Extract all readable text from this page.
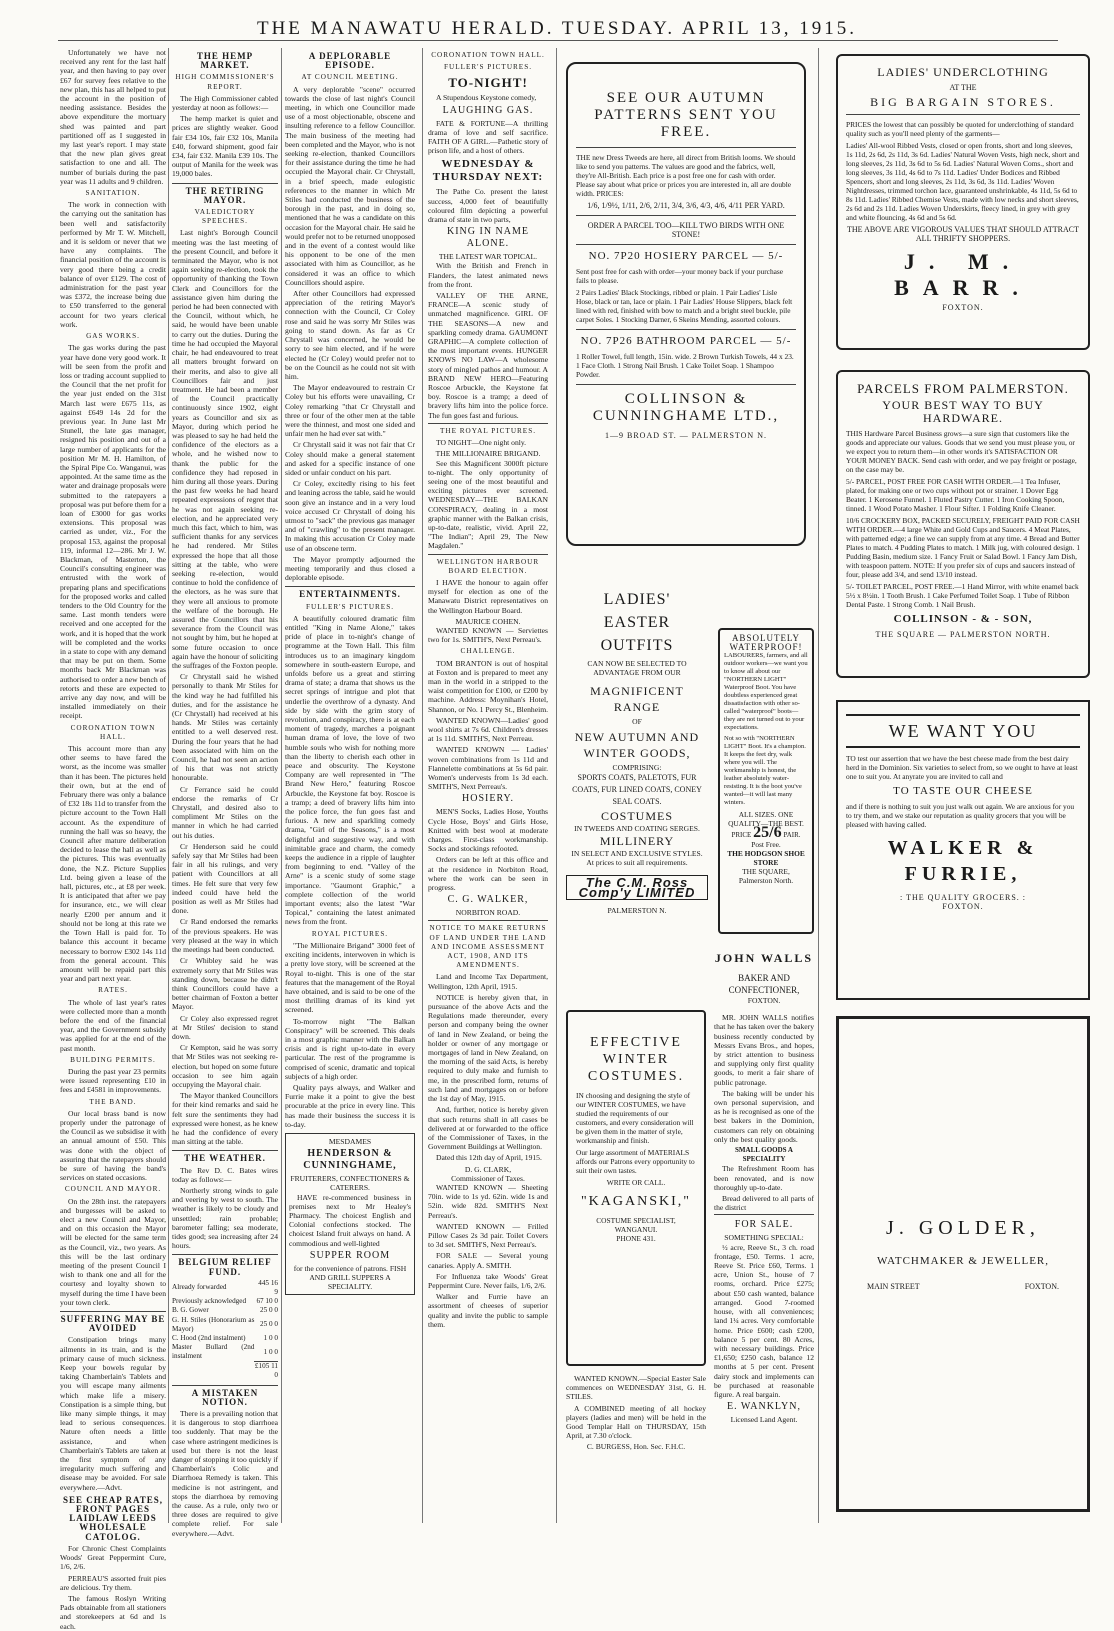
THE MANAWATU HERALD. TUESDAY. APRIL 13, 1915.

Unfortunately we have not received any rent for the last half year, and then having to pay over £67 for survey fees relative to the new plan, this has all helped to put the account in the position of needing assistance. Besides the above expenditure the mortuary shed was painted and part partitioned off as I suggested in my last year's report. I may state that the new plan gives great satisfaction to one and all. The number of burials during the past year was 11 adults and 9 children.

SANITATION.

The work in connection with the carrying out the sanitation has been well and satisfactorily performed by Mr T. W. Mitchell, and it is seldom or never that we have any complaints. The financial position of the account is very good there being a credit balance of over £129. The cost of administration for the past year was £372, the increase being due to £50 transferred to the general account for two years clerical work.

GAS WORKS.

The gas works during the past year have done very good work. It will be seen from the profit and loss or trading account supplied to the Council that the net profit for the year just ended on the 31st March last were £675 11s, as against £649 14s 2d for the previous year. In June last Mr Stunell, the late gas manager, resigned his position and out of a large number of applicants for the position Mr M. H. Hamilton, of the Spiral Pipe Co. Wanganui, was appointed. At the same time as the water and drainage proposals were submitted to the ratepayers a proposal was put before them for a loan of £3000 for gas works extensions. This proposal was carried as under, viz., For the proposal 153, against the proposal 119, informal 12—286. Mr J. W. Blackman, of Masterton, the Council's consulting engineer was entrusted with the work of preparing plans and specifications for the proposed works and called tenders to the Old Country for the same. Last month tenders were received and one accepted for the work, and it is hoped that the work will be completed and the works in a state to cope with any demand that may be put on them. Some months back Mr Blackman was authorised to order a new bench of retorts and these are expected to arrive any day now, and will be installed immediately on their receipt.

CORONATION TOWN HALL.

This account more than any other seems to have fared the worst, as the income was smaller than it has been. The pictures held their own, but at the end of February there was only a balance of £32 18s 11d to transfer from the picture account to the Town Hall account. As the expenditure of running the hall was so heavy, the Council after mature deliberation decided to lease the hall as well as the pictures. This was eventually done, the N.Z. Picture Supplies Ltd. being given a lease of the hall, pictures, etc., at £8 per week. It is anticipated that after we pay for insurance, etc., we will clear nearly £200 per annum and it should not be long at this rate we the Town Hall is paid for. To balance this account it became necessary to borrow £302 14s 11d from the general account. This amount will be repaid part this year and part next year.

RATES.

The whole of last year's rates were collected more than a month before the end of the financial year, and the Government subsidy was applied for at the end of the past month.

BUILDING PERMITS.

During the past year 23 permits were issued representing £10 in fees and £4581 in improvements.

THE BAND.

Our local brass band is now properly under the patronage of the Council as we subsidise it with an annual amount of £50. This was done with the object of assuring that the ratepayers should be sure of having the band's services on stated occasions.

COUNCIL AND MAYOR.

On the 28th inst. the ratepayers and burgesses will be asked to elect a new Council and Mayor, and on this occasion the Mayor will be elected for the same term as the Council, viz., two years. As this will be the last ordinary meeting of the present Council I wish to thank one and all for the courtesy and loyalty shown to myself during the time I have been your town clerk.

SUFFERING MAY BE AVOIDED

Constipation brings many ailments in its train, and is the primary cause of much sickness. Keep your bowels regular by taking Chamberlain's Tablets and you will escape many ailments which make life a misery. Constipation is a simple thing, but like many simple things, it may lead to serious consequences. Nature often needs a little assistance, and when Chamberlain's Tablets are taken at the first symptom of any irregularity much suffering and disease may be avoided. For sale everywhere.—Advt.

SEE CHEAP RATES, FRONT PAGES LAIDLAW LEEDS WHOLESALE CATOLOG.

For Chronic Chest Complaints Woods' Great Peppermint Cure, 1/6, 2/6.

PERREAU'S assorted fruit pies are delicious. Try them.

The famous Roslyn Writing Pads obtainable from all stationers and storekeepers at 6d and 1s each.

THE HEMP MARKET.
HIGH COMMISSIONER'S REPORT.

The High Commissioner cabled yesterday at noon as follows:—

The hemp market is quiet and prices are slightly weaker. Good fair £34 10s, fair £32 10s, Manila £40, forward shipment, good fair £34, fair £32. Manila £39 10s. The output of Manila for the week was 19,000 bales.

THE RETIRING MAYOR.
VALEDICTORY SPEECHES.

Last night's Borough Council meeting was the last meeting of the present Council, and before it terminated the Mayor, who is not again seeking re-election, took the opportunity of thanking the Town Clerk and Councillors for the assistance given him during the period he had been connected with the Council, without which, he said, he would have been unable to carry out the duties. During the time he had occupied the Mayoral chair, he had endeavoured to treat all matters brought forward on their merits, and also to give all Councillors fair and just treatment. He had been a member of the Council practically continuously since 1902, eight years as Councillor and six as Mayor, during which period he was pleased to say he had held the confidence of the electors as a whole, and he wished now to thank the public for the confidence they had reposed in him during all those years. During the past few weeks he had heard repeated expressions of regret that he was not again seeking re-election, and he appreciated very much this fact, which to him, was sufficient thanks for any services he had rendered. Mr Stiles expressed the hope that all those sitting at the table, who were seeking re-election, would continue to hold the confidence of the electors, as he was sure that they were all anxious to promote the welfare of the borough. He assured the Councillors that his severance from the Council was not sought by him, but he hoped at some future occasion to once again have the honour of soliciting the suffrages of the Foxton people.

Cr Chrystall said he wished personally to thank Mr Stiles for the kind way he had fulfilled his duties, and for the assistance he (Cr Chrystall) had received at his hands. Mr Stiles was certainly entitled to a well deserved rest. During the four years that he had been associated with him on the Council, he had not seen an action of his that was not strictly honourable.

Cr Ferrance said he could endorse the remarks of Cr Chrystall, and desired also to compliment Mr Stiles on the manner in which he had carried out his duties.

Cr Henderson said he could safely say that Mr Stiles had been fair in all his rulings, and very patient with Councillors at all times. He felt sure that very few indeed could have held the position as well as Mr Stiles had done.

Cr Rand endorsed the remarks of the previous speakers. He was very pleased at the way in which the meetings had been conducted.

Cr Whibley said he was extremely sorry that Mr Stiles was standing down, because he didn't think Councillors could have a better chairman of Foxton a better Mayor.

Cr Coley also expressed regret at Mr Stiles' decision to stand down.

Cr Kempton, said he was sorry that Mr Stiles was not seeking re-election, but hoped on some future occasion to see him again occupying the Mayoral chair.

The Mayor thanked Councillors for their kind remarks and said he felt sure the sentiments they had expressed were honest, as he knew he had the confidence of every man sitting at the table.

THE WEATHER.

The Rev D. C. Bates wires today as follows:—

Northerly strong winds to gale and veering by west to south. The weather is likely to be cloudy and unsettled; rain probable; barometer falling; sea moderate, tides good; sea increasing after 24 hours.

BELGIUM RELIEF FUND.
Already forwarded	445 16 9
Previously acknowledged	67 10 0
B. G. Gower	25 0 0
G. H. Stiles (Honorarium as Mayor)	25 0 0
C. Hood (2nd instalment)	1 0 0
Master Bullard (2nd instalment	1 0 0
	£105 11 0
A MISTAKEN NOTION.

There is a prevailing notion that it is dangerous to stop diarrhoea too suddenly. That may be the case where astringent medicines is used but there is not the least danger of stopping it too quickly if Chamberlain's Colic and Diarrhoea Remedy is taken. This medicine is not astringent, and stops the diarrhoea by removing the cause. As a rule, only two or three doses are required to give complete relief. For sale everywhere.—Advt.

A DEPLORABLE EPISODE.
AT COUNCIL MEETING.

A very deplorable "scene" occurred towards the close of last night's Council meeting, in which one Councillor made use of a most objectionable, obscene and insulting reference to a fellow Councillor. The main business of the meeting had been completed and the Mayor, who is not seeking re-election, thanked Councillors for their assistance during the time he had occupied the Mayoral chair. Cr Chrystall, in a brief speech, made eulogistic references to the manner in which Mr Stiles had conducted the business of the borough in the past, and in doing so, mentioned that he was a candidate on this occasion for the Mayoral chair. He said he would prefer not to be returned unopposed and in the event of a contest would like his opponent to be one of the men associated with him as Councillor, as he considered it was an office to which Councillors should aspire.

After other Councillors had expressed appreciation of the retiring Mayor's connection with the Council, Cr Coley rose and said he was sorry Mr Stiles was going to stand down. As far as Cr Chrystall was concerned, he would be sorry to see him elected, and if he were elected he (Cr Coley) would prefer not to be on the Council as he could not sit with him.

The Mayor endeavoured to restrain Cr Coley but his efforts were unavailing, Cr Coley remarking "that Cr Chrystall and three or four of the other men at the table were the thinnest, and most one sided and unfair men he had ever sat with."

Cr Chrystall said it was not fair that Cr Coley should make a general statement and asked for a specific instance of one sided or unfair conduct on his part.

Cr Coley, excitedly rising to his feet and leaning across the table, said he would soon give an instance and in a very loud voice accused Cr Chrystall of doing his utmost to "sack" the previous gas manager and of "crawling" to the present manager. In making this accusation Cr Coley made use of an obscene term.

The Mayor promptly adjourned the meeting temporarily and thus closed a deplorable episode.

ENTERTAINMENTS.
FULLER'S PICTURES.

A beautifully coloured dramatic film entitled "King in Name Alone," takes pride of place in to-night's change of programme at the Town Hall. This film introduces us to an imaginary kingdom somewhere in south-eastern Europe, and unfolds before us a great and stirring drama of state; a drama that shows us the secret springs of intrigue and plot that underlie the overthrow of a dynasty. And side by side with the grim story of revolution, and conspiracy, there is at each moment of tragedy, marches a poignant human drama of love, the love of two humble souls who wish for nothing more than the liberty to cherish each other in peace and obscurity. The Keystone Company are well represented in "The Brand New Hero," featuring Roscoe Arbuckle, the Keystone fat boy. Roscoe is a tramp; a deed of bravery lifts him into the police force, the fun goes fast and furious. A new and sparkling comedy drama, "Girl of the Seasons," is a most delightful and suggestive way, and with inimitable grace and charm, the comedy keeps the audience in a ripple of laughter from beginning to end. "Valley of the Arne" is a scenic study of some stage importance. "Gaumont Graphic," a complete collection of the world important events; also the latest "War Topical," containing the latest animated news from the front.

ROYAL PICTURES.

"The Millionaire Brigand" 3000 feet of exciting incidents, interwoven in which is a pretty love story, will be screened at the Royal to-night. This is one of the star features that the management of the Royal have obtained, and is said to be one of the most thrilling dramas of its kind yet screened.

To-morrow night "The Balkan Conspiracy" will be screened. This deals in a most graphic manner with the Balkan crisis and is right up-to-date in every particular. The rest of the programme is comprised of scenic, dramatic and topical subjects of a high order.

Quality pays always, and Walker and Furrie make it a point to give the best procurable at the price in every line. This has made their business the success it is to-day.

MESDAMES
HENDERSON & CUNNINGHAME,
FRUITERERS, CONFECTIONERS & CATERERS.

HAVE re-commenced business in premises next to Mr Healey's Pharmacy. The choicest English and Colonial confections stocked. The choicest Island fruit always on hand. A commodious and well-lighted

SUPPER ROOM
for the convenience of patrons. FISH AND GRILL SUPPERS A SPECIALITY.
CORONATION TOWN HALL.
FULLER'S PICTURES.
TO-NIGHT!

A Stupendous Keystone comedy,

LAUGHING GAS.

FATE & FORTUNE—A thrilling drama of love and self sacrifice. FAITH OF A GIRL.—Pathetic story of prison life, and a host of others.

WEDNESDAY & THURSDAY NEXT:

The Pathe Co. present the latest success, 4,000 feet of beautifully coloured film depicting a powerful drama of state in two parts,

KING IN NAME ALONE.
THE LATEST WAR TOPICAL.

With the British and French in Flanders, the latest animated news from the front.

VALLEY OF THE ARNE, FRANCE—A scenic study of unmatched magnificence. GIRL OF THE SEASONS—A new and sparkling comedy drama. GAUMONT GRAPHIC—A complete collection of the most important events. HUNGER KNOWS NO LAW—A wholesome story of mingled pathos and humour. A BRAND NEW HERO—Featuring Roscoe Arbuckle, the Keystone fat boy. Roscoe is a tramp; a deed of bravery lifts him into the police force. The fun goes fast and furious.

THE ROYAL PICTURES.

TO NIGHT—One night only.

THE MILLIONAIRE BRIGAND.

See this Magnificent 3000ft picture to-night. The only opportunity of seeing one of the most beautiful and exciting pictures ever screened. WEDNESDAY—THE BALKAN CONSPIRACY, dealing in a most graphic manner with the Balkan crisis, up-to-date, realistic, vivid. April 22, "The Indian"; April 29, The New Magdalen."

WELLINGTON HARBOUR BOARD ELECTION.

I HAVE the honour to again offer myself for election as one of the Manawatu District representatives on the Wellington Harbour Board.

MAURICE COHEN.

WANTED KNOWN — Serviettes two for 1s. SMITH'S, Next Perreau's.

CHALLENGE.

TOM BRANTON is out of hospital at Foxton and is prepared to meet any man in the world in a stripped to the waist competition for £100, or £200 by machine. Address: Moynihan's Hotel, Shannon, or No. 1 Percy St., Blenheim.

WANTED KNOWN—Ladies' good wool shirts at 7s 6d. Children's dresses at 1s 11d. SMITH'S, Next Perreau.

WANTED KNOWN — Ladies' woven combinations from 1s 11d and Flannelette combinations at 5s 6d pair. Women's undervests from 1s 3d each. SMITH'S, Next Perreau's.

HOSIERY.

MEN'S Socks, Ladies Hose, Youths Cycle Hose, Boys' and Girls Hose, Knitted with best wool at moderate charges. First-class workmanship. Socks and stockings refooted.

Orders can be left at this office and at the residence in Norbiton Road, where the work can be seen in progress.

C. G. WALKER,
NORBITON ROAD.
NOTICE TO MAKE RETURNS OF LAND UNDER THE LAND AND INCOME ASSESSMENT ACT, 1908, AND ITS AMENDMENTS.

Land and Income Tax Department, Wellington, 12th April, 1915.

NOTICE is hereby given that, in pursuance of the above Acts and the Regulations made thereunder, every person and company being the owner of land in New Zealand, or being the holder or owner of any mortgage or mortgages of land in New Zealand, on the morning of the said Acts, is hereby required to duly make and furnish to me, in the prescribed form, returns of such land and mortgages on or before the 1st day of May, 1915.

And, further, notice is hereby given that such returns shall in all cases be delivered at or forwarded to the office of the Commissioner of Taxes, in the Government Buildings at Wellington.

Dated this 12th day of April, 1915.

D. G. CLARK,
Commissioner of Taxes.

WANTED KNOWN — Sheeting 70in. wide to 1s yd. 62in. wide 1s and 52in. wide 82d. SMITH'S Next Perreau's.

WANTED KNOWN — Frilled Pillow Cases 2s 3d pair. Toilet Covers to 3d set. SMITH'S, Next Perreau's.

FOR SALE — Several young canaries. Apply A. SMITH.

For Influenza take Woods' Great Peppermint Cure. Never fails, 1/6, 2/6.

Walker and Furrie have an assortment of cheeses of superior quality and invite the public to sample them.

SEE OUR AUTUMN PATTERNS SENT YOU FREE.

THE new Dress Tweeds are here, all direct from British looms. We should like to send you patterns. The values are good and the fabrics, well, they're All-British. Each price is a post free one for cash with order. Please say about what price or prices you are interested in, all are double width. PRICES:

1/6, 1/9½, 1/11, 2/6, 2/11, 3/4, 3/6, 4/3, 4/6, 4/11 PER YARD.
ORDER A PARCEL TOO—KILL TWO BIRDS WITH ONE STONE!
NO. 7P20 HOSIERY PARCEL — 5/-

Sent post free for cash with order—your money back if your purchase fails to please.

2 Pairs Ladies' Black Stockings, ribbed or plain. 1 Pair Ladies' Lisle Hose, black or tan, lace or plain. 1 Pair Ladies' House Slippers, black felt lined with red, finished with bow to match and a bright steel buckle, pile carpet Soles. 1 Stocking Darner, 6 Skeins Mending, assorted colours.

NO. 7P26 BATHROOM PARCEL — 5/-

1 Roller Towel, full length, 15in. wide. 2 Brown Turkish Towels, 44 x 23. 1 Face Cloth. 1 Strong Nail Brush. 1 Cake Toilet Soap. 1 Shampoo Powder.

COLLINSON & CUNNINGHAME LTD.,
1—9 BROAD ST. — PALMERSTON N.
LADIES'
EASTER
OUTFITS
CAN NOW BE SELECTED TO ADVANTAGE FROM OUR
MAGNIFICENT RANGE
OF
NEW AUTUMN AND WINTER GOODS,
COMPRISING:
SPORTS COATS, PALETOTS, FUR COATS, FUR LINED COATS, CONEY SEAL COATS.
COSTUMES
IN TWEEDS AND COATING SERGES.
MILLINERY
IN SELECT AND EXCLUSIVE STYLES.
At prices to suit all requirements.
The C.M. Ross Comp'y LIMITED
PALMERSTON N.
EFFECTIVE WINTER COSTUMES.

IN choosing and designing the style of our WINTER COSTUMES, we have studied the requirements of our customers, and every consideration will be given them in the matter of style, workmanship and finish.

Our large assortment of MATERIALS affords our Patrons every opportunity to suit their own tastes.

WRITE OR CALL.
"KAGANSKI,"
COSTUME SPECIALIST, WANGANUI.
PHONE 431.

WANTED KNOWN.—Special Easter Sale commences on WEDNESDAY 31st, G. H. STILES.

A COMBINED meeting of all hockey players (ladies and men) will be held in the Good Templar Hall on THURSDAY, 15th April, at 7.30 o'clock.

C. BURGESS, Hon. Sec. F.H.C.
ABSOLUTELY
WATERPROOF!

LABOURERS, farmers, and all outdoor workers—we want you to know all about our "NORTHERN LIGHT" Waterproof Boot. You have doubtless experienced great dissatisfaction with other so-called "waterproof" boots—they are not turned out to your expectations.

Not so with "NORTHERN LIGHT" Boot. It's a champion. It keeps the feet dry, walk where you will. The workmanship is honest, the leather absolutely water-resisting. It is the boot you've wanted—it will last many winters.

ALL SIZES. ONE QUALITY—THE BEST.
PRICE 25/6 PAIR.
Post Free.
THE HODGSON SHOE STORE
THE SQUARE,
Palmerston North.
JOHN WALLS
BAKER AND CONFECTIONER,
FOXTON.

MR. JOHN WALLS notifies that he has taken over the bakery business recently conducted by Messrs Evans Bros., and hopes, by strict attention to business and supplying only first quality goods, to merit a fair share of public patronage.

The baking will be under his own personal supervision, and as he is recognised as one of the best bakers in the Dominion, customers can rely on obtaining only the best quality goods.

SMALL GOODS A SPECIALITY

The Refreshment Room has been renovated, and is now thoroughly up-to-date.

Bread delivered to all parts of the district

FOR SALE.
SOMETHING SPECIAL:

½ acre, Reeve St., 3 ch. road frontage, £50. Terms. 1 acre, Reeve St. Price £60, Terms. 1 acre, Union St., house of 7 rooms, orchard. Price £275; about £50 cash wanted, balance arranged. Good 7-roomed house, with all conveniences; land 1¼ acres. Very comfortable home. Price £600; cash £200, balance 5 per cent. 80 Acres, with necessary buildings. Price £1,650; £250 cash, balance 12 months at 5 per cent. Present dairy stock and implements can be purchased at reasonable figure. A real bargain.

E. WANKLYN,
Licensed Land Agent.
LADIES' UNDERCLOTHING
AT THE
BIG BARGAIN STORES.

PRICES the lowest that can possibly be quoted for underclothing of standard quality such as you'll need plenty of the garments—

Ladies' All-wool Ribbed Vests, closed or open fronts, short and long sleeves, 1s 11d, 2s 6d, 2s 11d, 3s 6d. Ladies' Natural Woven Vests, high neck, short and long sleeves, 2s 11d, 3s 6d to 5s 6d. Ladies' Natural Woven Coms., short and long sleeves, 3s 11d, 4s 6d to 7s 11d. Ladies' Under Bodices and Ribbed Spencers, short and long sleeves, 2s 11d, 3s 6d, 3s 11d. Ladies' Woven Nightdresses, trimmed torchon lace, guaranteed unshrinkable, 4s 11d, 5s 6d to 8s 11d. Ladies' Ribbed Chemise Vests, made with low necks and short sleeves, 2s 6d and 2s 11d. Ladies Woven Underskirts, fleecy lined, in grey with grey and white flouncing, 4s 6d and 5s 6d.

THE ABOVE ARE VIGOROUS VALUES THAT SHOULD ATTRACT ALL THRIFTY SHOPPERS.
J. M. BARR.
FOXTON.
PARCELS FROM PALMERSTON.
YOUR BEST WAY TO BUY HARDWARE.

THIS Hardware Parcel Business grows—a sure sign that customers like the goods and appreciate our values. Goods that we send you must please you, or we expect you to return them—in other words it's SATISFACTION OR YOUR MONEY BACK. Send cash with order, and we pay freight or postage, on the case may be.

5/- PARCEL, POST FREE FOR CASH WITH ORDER.—1 Tea Infuser, plated, for making one or two cups without pot or strainer. 1 Dover Egg Beater. 1 Kerosene Funnel. 1 Fluted Pastry Cutter. 1 Iron Cooking Spoon, tinned. 1 Wood Potato Masher. 1 Flour Sifter. 1 Folding Knife Cleaner.

10/6 CROCKERY BOX, PACKED SECURELY, FREIGHT PAID FOR CASH WITH ORDER.—4 large White and Gold Cups and Saucers. 4 Meat Plates, with patterned edge; a fine we can supply from at any time. 4 Bread and Butter Plates to match. 4 Pudding Plates to match. 1 Milk jug, with coloured design. 1 Pudding Basin, medium size. 1 Fancy Fruit or Salad Bowl. 1 Fancy Jam Dish, with teaspoon pattern. NOTE: If you prefer six of cups and saucers instead of four, please add 3/4, and send 13/10 instead.

5/- TOILET PARCEL, POST FREE.—1 Hand Mirror, with white enamel back 5½ x 8½in. 1 Tooth Brush. 1 Cake Perfumed Toilet Soap. 1 Tube of Ribbon Dental Paste. 1 Strong Comb. 1 Nail Brush.

COLLINSON - & - SON,
THE SQUARE — PALMERSTON NORTH.
WE WANT YOU

TO test our assertion that we have the best cheese made from the best dairy herd in the Dominion. Six varieties to select from, so we ought to have at least one to suit you. At anyrate you are invited to call and

TO TASTE OUR CHEESE

and if there is nothing to suit you just walk out again. We are anxious for you to try them, and we stake our reputation as quality grocers that you will be pleased with having called.

WALKER & FURRIE,
: THE QUALITY GROCERS. :
FOXTON.
J. GOLDER,
WATCHMAKER & JEWELLER,
MAIN STREET	FOXTON.
